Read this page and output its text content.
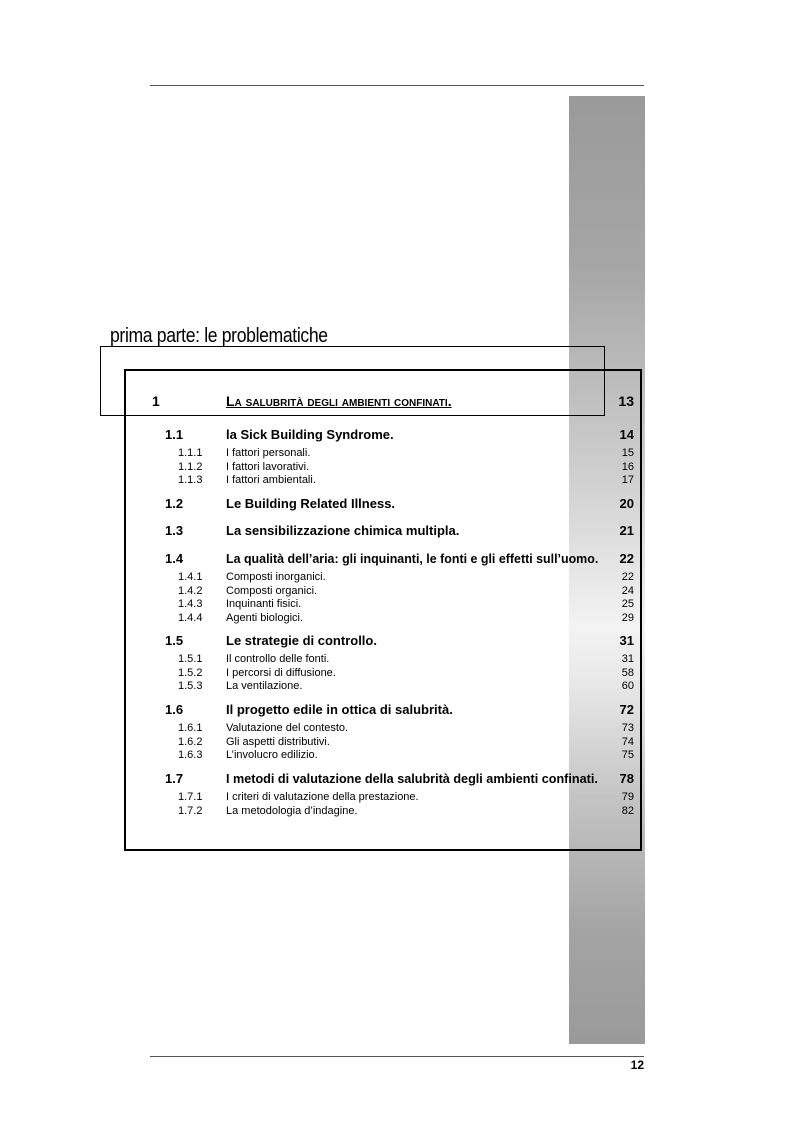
prima parte: le problematiche
1	La salubrità degli ambienti confinati.	13
1.1	la Sick Building Syndrome.	14
1.1.1 I fattori personali.	15
1.1.2 I fattori lavorativi.	16
1.1.3 I fattori ambientali.	17
1.2	Le Building Related Illness.	20
1.3	La sensibilizzazione chimica multipla.	21
1.4	La qualità dell’aria: gli inquinanti, le fonti e gli effetti sull’uomo.	22
1.4.1 Composti inorganici.	22
1.4.2 Composti organici.	24
1.4.3 Inquinanti fisici.	25
1.4.4 Agenti biologici.	29
1.5	Le strategie di controllo.	31
1.5.1 Il controllo delle fonti.	31
1.5.2 I percorsi di diffusione.	58
1.5.3 La ventilazione.	60
1.6	Il progetto edile in ottica di salubrità.	72
1.6.1 Valutazione del contesto.	73
1.6.2 Gli aspetti distributivi.	74
1.6.3 L’involucro edilizio.	75
1.7	I metodi di valutazione della salubrità degli ambienti confinati.	78
1.7.1 I criteri di valutazione della prestazione.	79
1.7.2 La metodologia d’indagine.	82
12
